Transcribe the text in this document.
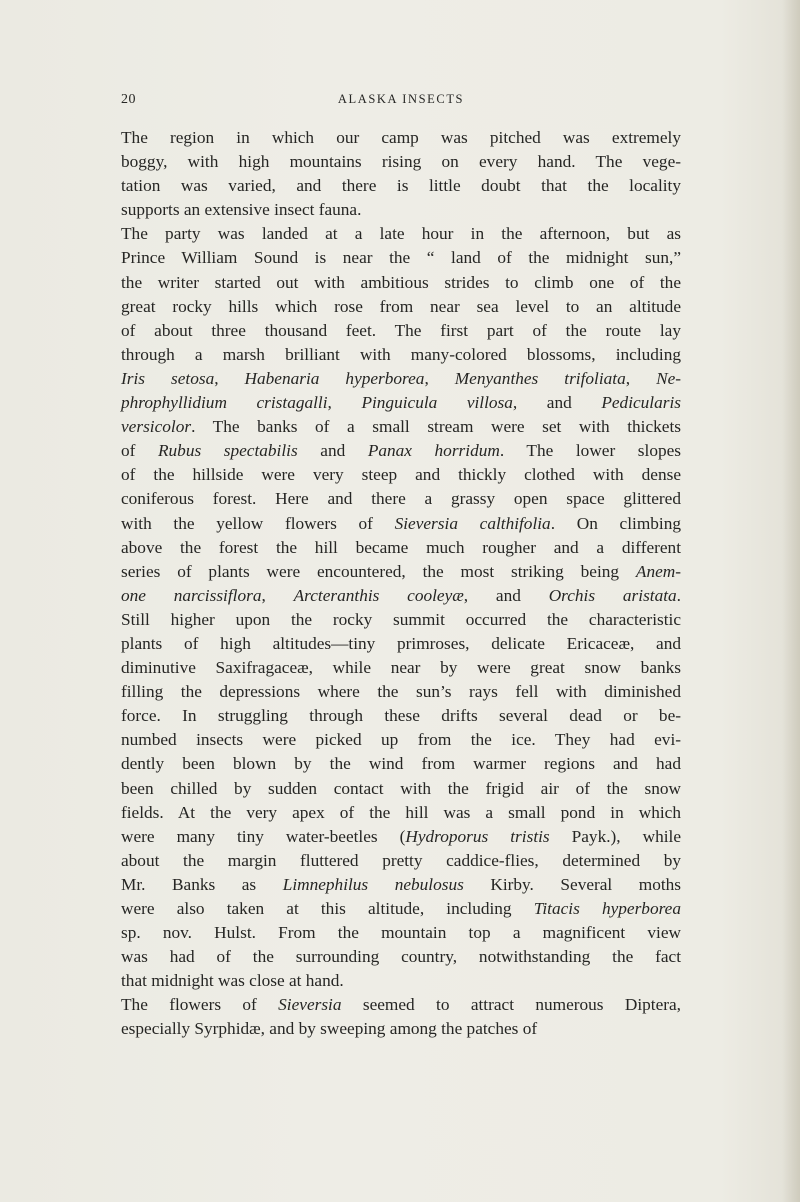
20	ALASKA INSECTS
The region in which our camp was pitched was extremely
boggy, with high mountains rising on every hand. The vege-
tation was varied, and there is little doubt that the locality
supports an extensive insect fauna.
The party was landed at a late hour in the afternoon, but as
Prince William Sound is near the “ land of the midnight sun,”
the writer started out with ambitious strides to climb one of the
great rocky hills which rose from near sea level to an altitude
of about three thousand feet. The first part of the route lay
through a marsh brilliant with many-colored blossoms, including
Iris setosa, Habenaria hyperborea, Menyanthes trifoliata, Ne-
phrophyllidium cristagalli, Pinguicula villosa, and Pedicularis
versicolor. The banks of a small stream were set with thickets
of Rubus spectabilis and Panax horridum. The lower slopes
of the hillside were very steep and thickly clothed with dense
coniferous forest. Here and there a grassy open space glittered
with the yellow flowers of Sieversia calthifolia. On climbing
above the forest the hill became much rougher and a different
series of plants were encountered, the most striking being Anem-
one narcissiflora, Arcteranthis cooleyæ, and Orchis aristata.
Still higher upon the rocky summit occurred the characteristic
plants of high altitudes—tiny primroses, delicate Ericaceæ, and
diminutive Saxifragaceæ, while near by were great snow banks
filling the depressions where the sun’s rays fell with diminished
force. In struggling through these drifts several dead or be-
numbed insects were picked up from the ice. They had evi-
dently been blown by the wind from warmer regions and had
been chilled by sudden contact with the frigid air of the snow
fields. At the very apex of the hill was a small pond in which
were many tiny water-beetles (Hydroporus tristis Payk.), while
about the margin fluttered pretty caddice-flies, determined by
Mr. Banks as Limnephilus nebulosus Kirby. Several moths
were also taken at this altitude, including Titacis hyperborea
sp. nov. Hulst. From the mountain top a magnificent view
was had of the surrounding country, notwithstanding the fact
that midnight was close at hand.
The flowers of Sieversia seemed to attract numerous Diptera,
especially Syrphidæ, and by sweeping among the patches of
